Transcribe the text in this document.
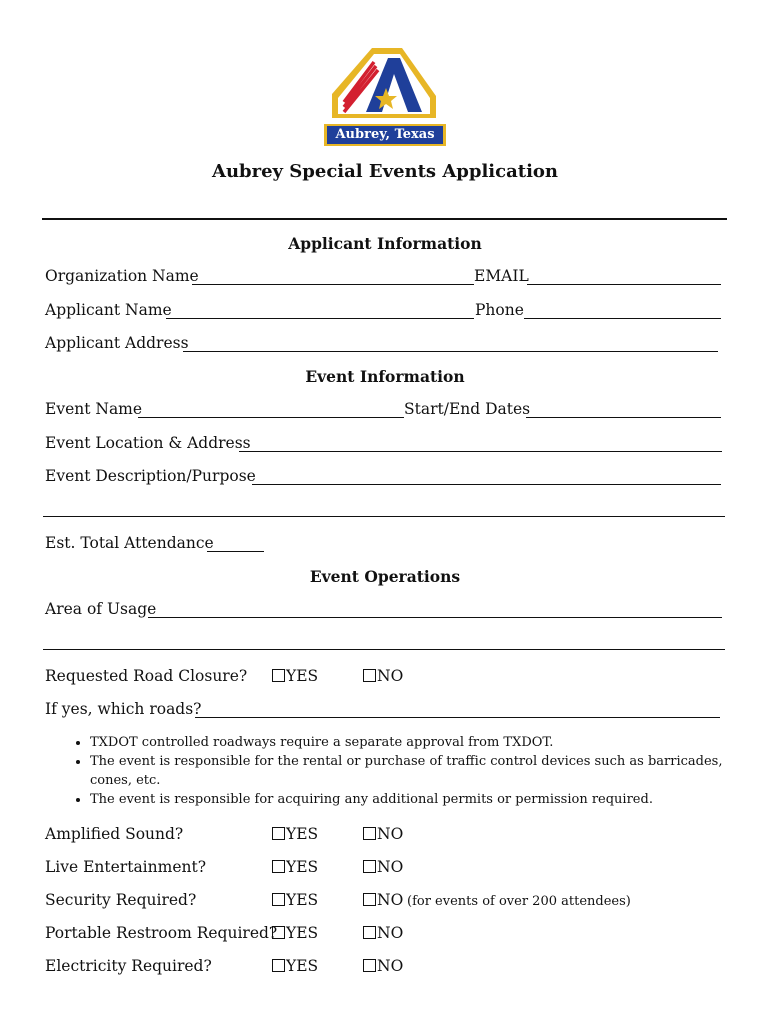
Aubrey, Texas
Aubrey Special Events Application
Applicant Information
Organization Name	EMAIL
Applicant Name	Phone
Applicant Address
Event Information
Event Name	Start/End Dates
Event Location & Address
Event Description/Purpose
Est. Total Attendance
Event Operations
Area of Usage
Requested Road Closure?	YES	NO
If yes, which roads?
• TXDOT controlled roadways require a separate approval from TXDOT.
• The event is responsible for the rental or purchase of traffic control devices such as barricades, cones, etc.
• The event is responsible for acquiring any additional permits or permission required.
Amplified Sound?	YES	NO
Live Entertainment?	YES	NO
Security Required?	YES	NO (for events of over 200 attendees)
Portable Restroom Required? YES	NO
Electricity Required?	YES	NO
